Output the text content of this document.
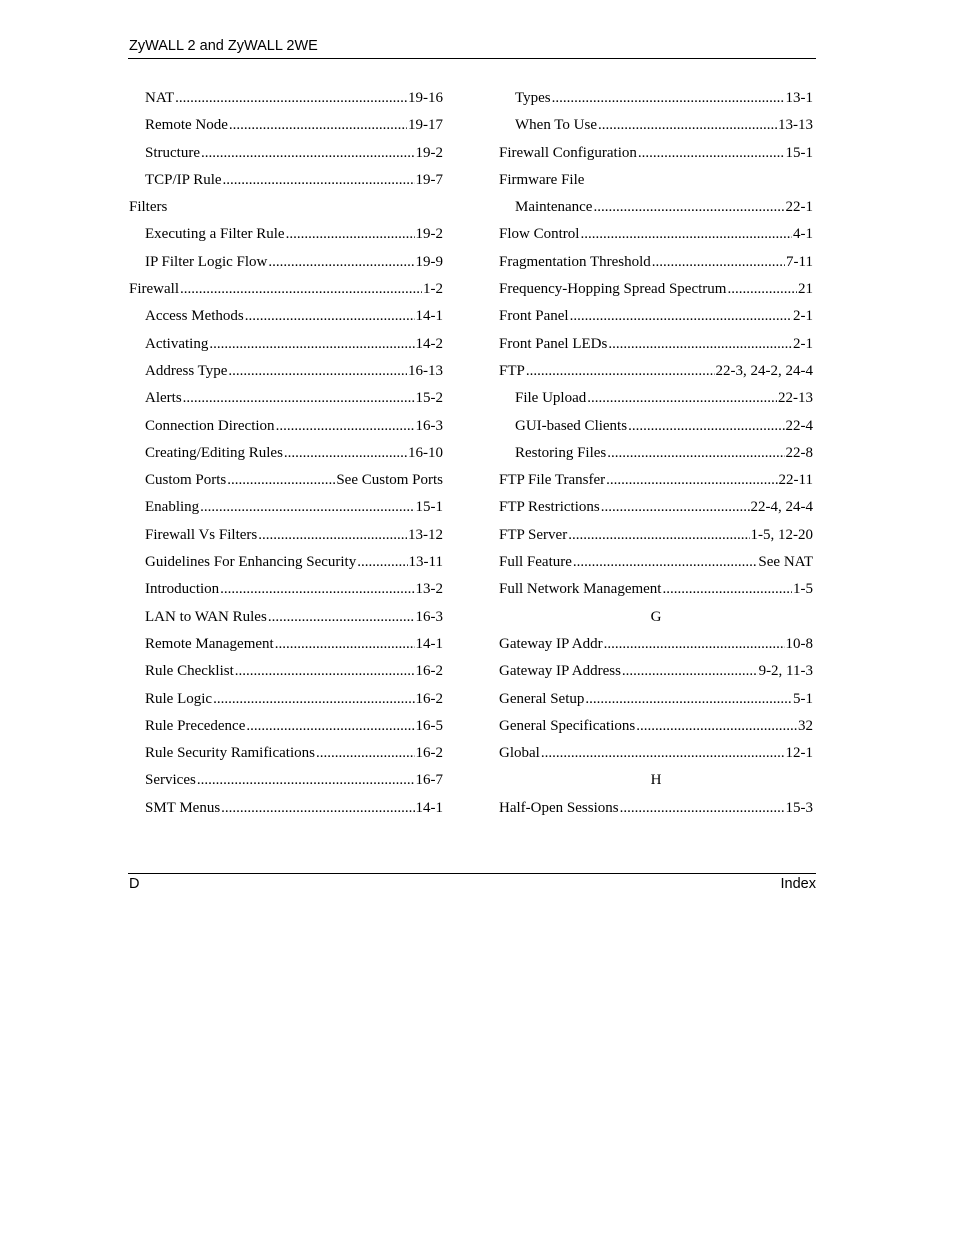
ZyWALL 2 and ZyWALL 2WE
NAT .....	19-16
Remote Node .....	19-17
Structure .....	19-2
TCP/IP Rule .....	19-7
Filters
Executing a Filter Rule .....	19-2
IP Filter Logic Flow .....	19-9
Firewall .....	1-2
Access Methods .....	14-1
Activating .....	14-2
Address Type .....	16-13
Alerts .....	15-2
Connection Direction .....	16-3
Creating/Editing Rules .....	16-10
Custom Ports .....	See Custom Ports
Enabling .....	15-1
Firewall Vs Filters .....	13-12
Guidelines For Enhancing Security .....	13-11
Introduction .....	13-2
LAN to WAN Rules .....	16-3
Remote Management .....	14-1
Rule Checklist .....	16-2
Rule Logic .....	16-2
Rule Precedence .....	16-5
Rule Security Ramifications .....	16-2
Services .....	16-7
SMT Menus .....	14-1
Types .....	13-1
When To Use .....	13-13
Firewall Configuration .....	15-1
Firmware File
Maintenance .....	22-1
Flow Control .....	4-1
Fragmentation Threshold .....	7-11
Frequency-Hopping Spread Spectrum .....	21
Front Panel .....	2-1
Front Panel LEDs .....	2-1
FTP .....	22-3, 24-2, 24-4
File Upload .....	22-13
GUI-based Clients .....	22-4
Restoring Files .....	22-8
FTP File Transfer .....	22-11
FTP Restrictions .....	22-4, 24-4
FTP Server .....	1-5, 12-20
Full Feature .....	See NAT
Full Network Management .....	1-5
G
Gateway IP Addr .....	10-8
Gateway IP Address .....	9-2, 11-3
General Setup .....	5-1
General Specifications .....	32
Global .....	12-1
H
Half-Open Sessions .....	15-3
D	Index
